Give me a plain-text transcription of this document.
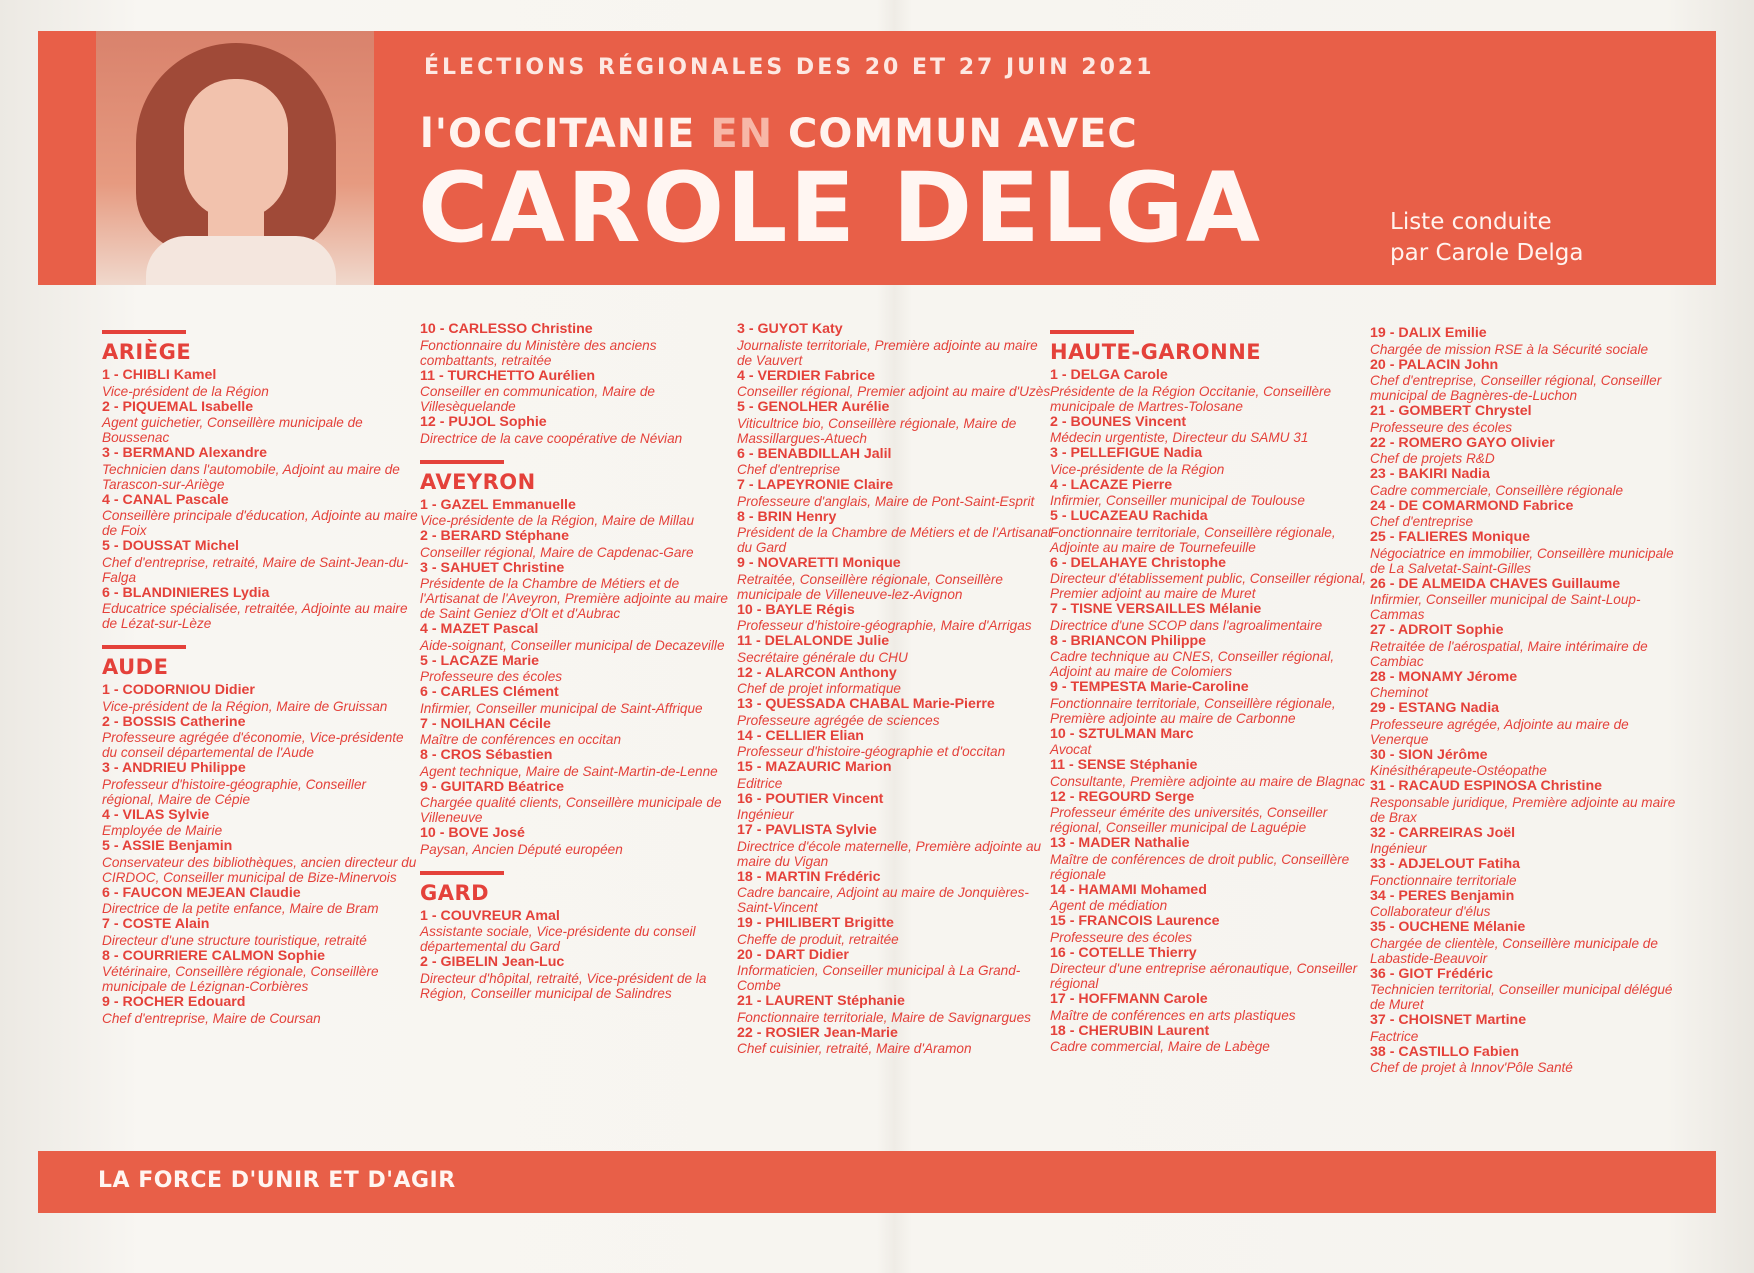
ÉLECTIONS RÉGIONALES DES 20 ET 27 JUIN 2021
l'OCCITANIE EN COMMUN AVEC
CAROLE DELGA	Liste conduite
par Carole Delga
ARIÈGE
1 - CHIBLI Kamel
Vice-président de la Région
2 - PIQUEMAL Isabelle
Agent guichetier, Conseillère municipale de Boussenac
3 - BERMAND Alexandre
Technicien dans l'automobile, Adjoint au maire de Tarascon-sur-Ariège
4 - CANAL Pascale
Conseillère principale d'éducation, Adjointe au maire de Foix
5 - DOUSSAT Michel
Chef d'entreprise, retraité, Maire de Saint-Jean-du-Falga
6 - BLANDINIERES Lydia
Educatrice spécialisée, retraitée, Adjointe au maire de Lézat-sur-Lèze
AUDE
1 - CODORNIOU Didier
Vice-président de la Région, Maire de Gruissan
2 - BOSSIS Catherine
Professeure agrégée d'économie, Vice-présidente du conseil départemental de l'Aude
3 - ANDRIEU Philippe
Professeur d'histoire-géographie, Conseiller régional, Maire de Cépie
4 - VILAS Sylvie
Employée de Mairie
5 - ASSIE Benjamin
Conservateur des bibliothèques, ancien directeur du CIRDOC, Conseiller municipal de Bize-Minervois
6 - FAUCON MEJEAN Claudie
Directrice de la petite enfance, Maire de Bram
7 - COSTE Alain
Directeur d'une structure touristique, retraité
8 - COURRIERE CALMON Sophie
Vétérinaire, Conseillère régionale, Conseillère municipale de Lézignan-Corbières
9 - ROCHER Edouard
Chef d'entreprise, Maire de Coursan
10 - CARLESSO Christine
Fonctionnaire du Ministère des anciens combattants, retraitée
11 - TURCHETTO Aurélien
Conseiller en communication, Maire de Villesèquelande
12 - PUJOL Sophie
Directrice de la cave coopérative de Névian
AVEYRON
1 - GAZEL Emmanuelle
Vice-présidente de la Région, Maire de Millau
2 - BERARD Stéphane
Conseiller régional, Maire de Capdenac-Gare
3 - SAHUET Christine
Présidente de la Chambre de Métiers et de l'Artisanat de l'Aveyron, Première adjointe au maire de Saint Geniez d'Olt et d'Aubrac
4 - MAZET Pascal
Aide-soignant, Conseiller municipal de Decazeville
5 - LACAZE Marie
Professeure des écoles
6 - CARLES Clément
Infirmier, Conseiller municipal de Saint-Affrique
7 - NOILHAN Cécile
Maître de conférences en occitan
8 - CROS Sébastien
Agent technique, Maire de Saint-Martin-de-Lenne
9 - GUITARD Béatrice
Chargée qualité clients, Conseillère municipale de Villeneuve
10 - BOVE José
Paysan, Ancien Député européen
GARD
1 - COUVREUR Amal
Assistante sociale, Vice-présidente du conseil départemental du Gard
2 - GIBELIN Jean-Luc
Directeur d'hôpital, retraité, Vice-président de la Région, Conseiller municipal de Salindres
3 - GUYOT Katy
Journaliste territoriale, Première adjointe au maire de Vauvert
4 - VERDIER Fabrice
Conseiller régional, Premier adjoint au maire d'Uzès
5 - GENOLHER Aurélie
Viticultrice bio, Conseillère régionale, Maire de Massillargues-Atuech
6 - BENABDILLAH Jalil
Chef d'entreprise
7 - LAPEYRONIE Claire
Professeure d'anglais, Maire de Pont-Saint-Esprit
8 - BRIN Henry
Président de la Chambre de Métiers et de l'Artisanat du Gard
9 - NOVARETTI Monique
Retraitée, Conseillère régionale, Conseillère municipale de Villeneuve-lez-Avignon
10 - BAYLE Régis
Professeur d'histoire-géographie, Maire d'Arrigas
11 - DELALONDE Julie
Secrétaire générale du CHU
12 - ALARCON Anthony
Chef de projet informatique
13 - QUESSADA CHABAL Marie-Pierre
Professeure agrégée de sciences
14 - CELLIER Elian
Professeur d'histoire-géographie et d'occitan
15 - MAZAURIC Marion
Editrice
16 - POUTIER Vincent
Ingénieur
17 - PAVLISTA Sylvie
Directrice d'école maternelle, Première adjointe au maire du Vigan
18 - MARTIN Frédéric
Cadre bancaire, Adjoint au maire de Jonquières-Saint-Vincent
19 - PHILIBERT Brigitte
Cheffe de produit, retraitée
20 - DART Didier
Informaticien, Conseiller municipal à La Grand-Combe
21 - LAURENT Stéphanie
Fonctionnaire territoriale, Maire de Savignargues
22 - ROSIER Jean-Marie
Chef cuisinier, retraité, Maire d'Aramon
HAUTE-GARONNE
1 - DELGA Carole
Présidente de la Région Occitanie, Conseillère municipale de Martres-Tolosane
2 - BOUNES Vincent
Médecin urgentiste, Directeur du SAMU 31
3 - PELLEFIGUE Nadia
Vice-présidente de la Région
4 - LACAZE Pierre
Infirmier, Conseiller municipal de Toulouse
5 - LUCAZEAU Rachida
Fonctionnaire territoriale, Conseillère régionale, Adjointe au maire de Tournefeuille
6 - DELAHAYE Christophe
Directeur d'établissement public, Conseiller régional, Premier adjoint au maire de Muret
7 - TISNE VERSAILLES Mélanie
Directrice d'une SCOP dans l'agroalimentaire
8 - BRIANCON Philippe
Cadre technique au CNES, Conseiller régional, Adjoint au maire de Colomiers
9 - TEMPESTA Marie-Caroline
Fonctionnaire territoriale, Conseillère régionale, Première adjointe au maire de Carbonne
10 - SZTULMAN Marc
Avocat
11 - SENSE Stéphanie
Consultante, Première adjointe au maire de Blagnac
12 - REGOURD Serge
Professeur émérite des universités, Conseiller régional, Conseiller municipal de Laguépie
13 - MADER Nathalie
Maître de conférences de droit public, Conseillère régionale
14 - HAMAMI Mohamed
Agent de médiation
15 - FRANCOIS Laurence
Professeure des écoles
16 - COTELLE Thierry
Directeur d'une entreprise aéronautique, Conseiller régional
17 - HOFFMANN Carole
Maître de conférences en arts plastiques
18 - CHERUBIN Laurent
Cadre commercial, Maire de Labège
19 - DALIX Emilie
Chargée de mission RSE à la Sécurité sociale
20 - PALACIN John
Chef d'entreprise, Conseiller régional, Conseiller municipal de Bagnères-de-Luchon
21 - GOMBERT Chrystel
Professeure des écoles
22 - ROMERO GAYO Olivier
Chef de projets R&D
23 - BAKIRI Nadia
Cadre commerciale, Conseillère régionale
24 - DE COMARMOND Fabrice
Chef d'entreprise
25 - FALIERES Monique
Négociatrice en immobilier, Conseillère municipale de La Salvetat-Saint-Gilles
26 - DE ALMEIDA CHAVES Guillaume
Infirmier, Conseiller municipal de Saint-Loup-Cammas
27 - ADROIT Sophie
Retraitée de l'aérospatial, Maire intérimaire de Cambiac
28 - MONAMY Jérome
Cheminot
29 - ESTANG Nadia
Professeure agrégée, Adjointe au maire de Venerque
30 - SION Jérôme
Kinésithérapeute-Ostéopathe
31 - RACAUD ESPINOSA Christine
Responsable juridique, Première adjointe au maire de Brax
32 - CARREIRAS Joël
Ingénieur
33 - ADJELOUT Fatiha
Fonctionnaire territoriale
34 - PERES Benjamin
Collaborateur d'élus
35 - OUCHENE Mélanie
Chargée de clientèle, Conseillère municipale de Labastide-Beauvoir
36 - GIOT Frédéric
Technicien territorial, Conseiller municipal délégué de Muret
37 - CHOISNET Martine
Factrice
38 - CASTILLO Fabien
Chef de projet à Innov'Pôle Santé
LA FORCE D'UNIR ET D'AGIR
